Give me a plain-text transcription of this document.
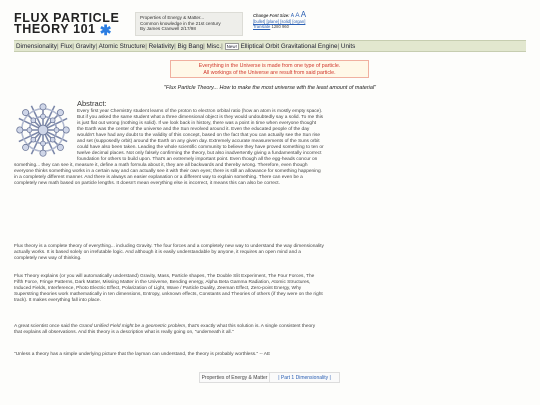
FLUX PARTICLE
THEORY 101 ✱
Properties of Energy & Matter...
Common knowledge in the 21st century
By James Cranwell 2/17/98
Change Font Size: A A A
[bullet] [plane] [solid] [organ]
Translate 1280 960
Dimensionality| Flux| Gravity| Atomic Structure| Relativity| Big Bang| Misc.| New! Elliptical Orbit Gravitational Engine| Units
Everything in the Universe is made from one type of particle.
All workings of the Universe are result from said particle.
"Flux Particle Theory... How to make the most universe with the least amount of material"
Abstract:

Every first year Chemistry student learns of the proton to electron orbital ratio (how an atom is mostly empty space). But if you asked the same student what a three dimensional object is they would undoubtedly say a solid. To me this is just flat out wrong (nothing is solid). If we look back in history, there was a point in time when everyone thought the Earth was the center of the universe and the Sun revolved around it. Even the educated people of the day wouldn't have had any doubt to the validity of this concept, based on the fact that you can actually see the Sun rise and set (supposedly orbit) around the Earth on any given day. Extremely accurate measurements of the Suns orbit could have also been taken. Leading the whole scientific community to believe they have proved something to ten or twelve decimal places. Not only falsely confirming the theory, but also inadvertently giving a fundamentally incorrect foundation for others to build upon. That's an extremely important point. Even though all the egg-heads concur on something... they can see it, measure it, define a math formula about it, they are all backwards and thereby wrong. Therefore, even though everyone thinks something works in a certain way and can actually see it with their own eyes; there is still an allowance for something happening in a completely different manner. And there is always an easier explanation or a different way to explain something. There can even be a completely new math based on particle lengths. It doesn't mean everything else is incorrect, it means this can also be correct.

Flux theory is a complete theory of everything... including Gravity. The four forces and a completely new way to understand the way dimensionality actually works. It is based solely on irrefutable logic. And although it is easily understandable by anyone, it requires an open mind and a completely new way of thinking.

Flux Theory explains (or you will automatically understand) Gravity, Mass, Particle shapes, The Double Slit Experiment, The Four Forces, The Fifth Force, Fringe Patterns, Dark Matter, Missing Matter in the Universe, Bending energy, Alpha Beta Gamma Radiation, Atomic Structures, Induced Fields, Interference, Photo Electric Effect, Polarization of Light, Wave / Particle Duality, Zeeman Effect, Zero-point Energy, Why Superstring theories work mathematically in ten dimensions, Entropy, unknown effects, Constants and Theories of others (if they were on the right track). It makes everything fall into place.

A great scientist once said the Grand Unified Field might be a geometric problem, that's exactly what this solution is. A single consistent theory that explains all observations. And this theory is a description what is really going on, "underneath it all."

"Unless a theory has a simple underlying picture that the layman can understand, the theory is probably worthless." -- AE

Properties of Energy & Matter	| Part 1 Dimensionality |
